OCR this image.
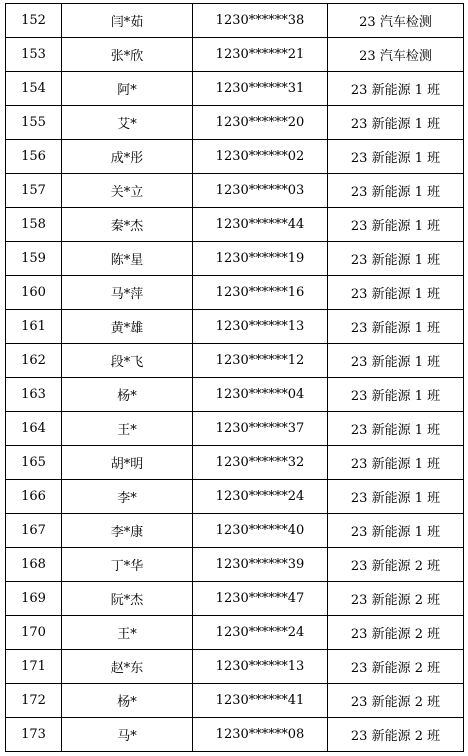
152	闫*茹	1230******38	23 汽车检测
153	张*欣	1230******21	23 汽车检测
154	阿*	1230******31	23 新能源 1 班
155	艾*	1230******20	23 新能源 1 班
156	成*彤	1230******02	23 新能源 1 班
157	关*立	1230******03	23 新能源 1 班
158	秦*杰	1230******44	23 新能源 1 班
159	陈*星	1230******19	23 新能源 1 班
160	马*萍	1230******16	23 新能源 1 班
161	黄*雄	1230******13	23 新能源 1 班
162	段*飞	1230******12	23 新能源 1 班
163	杨*	1230******04	23 新能源 1 班
164	王*	1230******37	23 新能源 1 班
165	胡*明	1230******32	23 新能源 1 班
166	李*	1230******24	23 新能源 1 班
167	李*康	1230******40	23 新能源 1 班
168	丁*华	1230******39	23 新能源 2 班
169	阮*杰	1230******47	23 新能源 2 班
170	王*	1230******24	23 新能源 2 班
171	赵*东	1230******13	23 新能源 2 班
172	杨*	1230******41	23 新能源 2 班
173	马*	1230******08	23 新能源 2 班
